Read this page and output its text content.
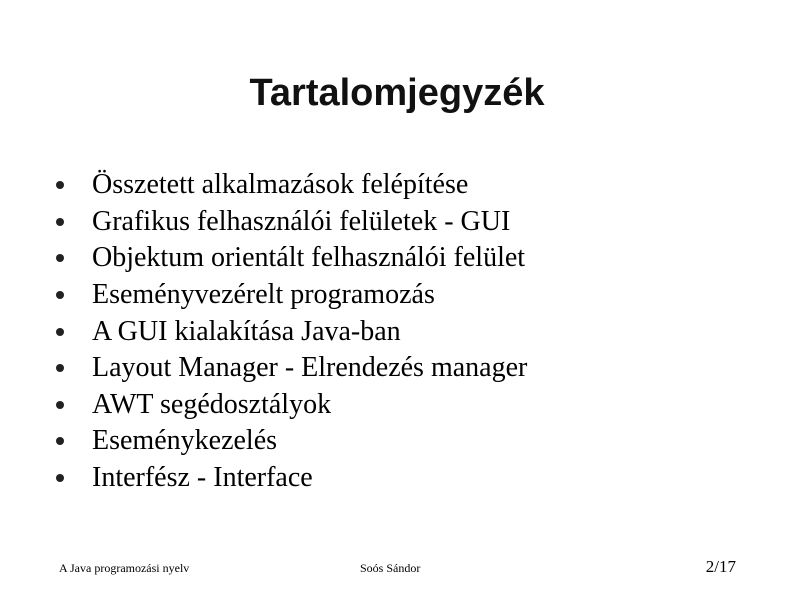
Tartalomjegyzék
Összetett alkalmazások felépítése
Grafikus felhasználói felületek - GUI
Objektum orientált felhasználói felület
Eseményvezérelt programozás
A GUI kialakítása Java-ban
Layout Manager - Elrendezés manager
AWT segédosztályok
Eseménykezelés
Interfész - Interface
A Java programozási nyelv	Soós Sándor	2/17
